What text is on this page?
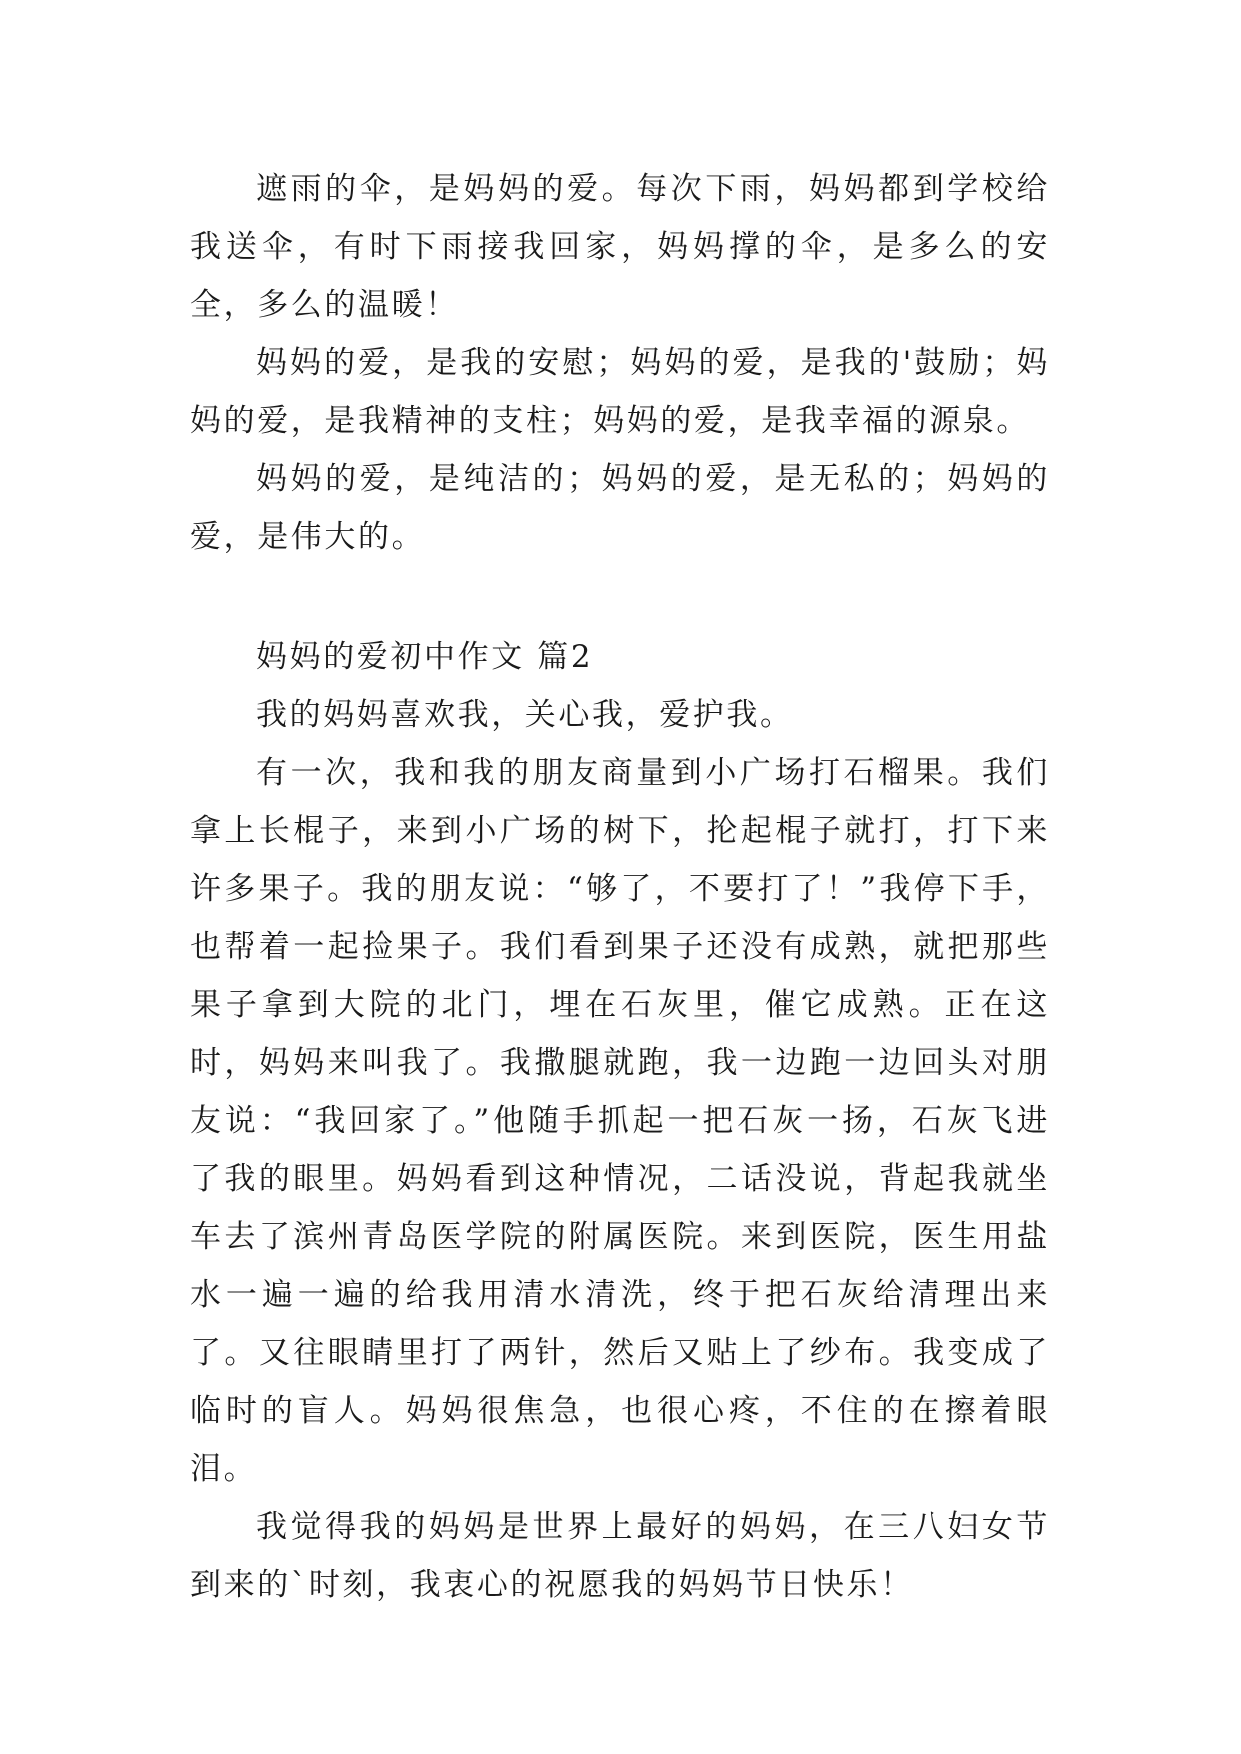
遮雨的伞，是妈妈的爱。每次下雨，妈妈都到学校给我送伞，有时下雨接我回家，妈妈撑的伞，是多么的安全，多么的温暖！

妈妈的爱，是我的安慰；妈妈的爱，是我的'鼓励；妈妈的爱，是我精神的支柱；妈妈的爱，是我幸福的源泉。

妈妈的爱，是纯洁的；妈妈的爱，是无私的；妈妈的爱，是伟大的。

妈妈的爱初中作文 篇2

我的妈妈喜欢我，关心我，爱护我。

有一次，我和我的朋友商量到小广场打石榴果。我们拿上长棍子，来到小广场的树下，抡起棍子就打，打下来许多果子。我的朋友说：“够了，不要打了！”我停下手，也帮着一起捡果子。我们看到果子还没有成熟，就把那些果子拿到大院的北门，埋在石灰里，催它成熟。正在这时，妈妈来叫我了。我撒腿就跑，我一边跑一边回头对朋友说：“我回家了。”他随手抓起一把石灰一扬，石灰飞进了我的眼里。妈妈看到这种情况，二话没说，背起我就坐车去了滨州青岛医学院的附属医院。来到医院，医生用盐水一遍一遍的给我用清水清洗，终于把石灰给清理出来了。又往眼睛里打了两针，然后又贴上了纱布。我变成了临时的盲人。妈妈很焦急，也很心疼，不住的在擦着眼泪。

我觉得我的妈妈是世界上最好的妈妈，在三八妇女节到来的`时刻，我衷心的祝愿我的妈妈节日快乐！
